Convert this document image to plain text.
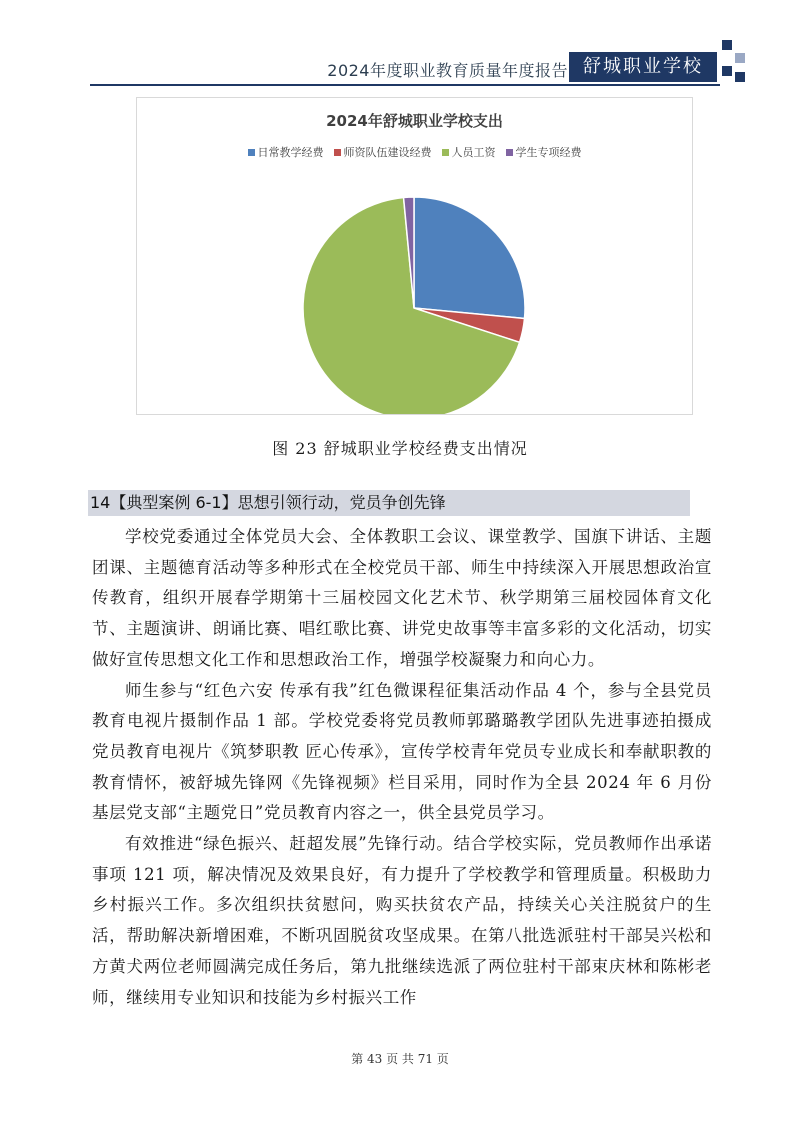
2024年度职业教育质量年度报告 舒城职业学校
2024年舒城职业学校支出
日常教学经费 师资队伍建设经费 人员工资 学生专项经费
图 23 舒城职业学校经费支出情况
14【典型案例 6-1】思想引领行动，党员争创先锋

学校党委通过全体党员大会、全体教职工会议、课堂教学、国旗下讲话、主题团课、主题德育活动等多种形式在全校党员干部、师生中持续深入开展思想政治宣传教育，组织开展春学期第十三届校园文化艺术节、秋学期第三届校园体育文化节、主题演讲、朗诵比赛、唱红歌比赛、讲党史故事等丰富多彩的文化活动，切实做好宣传思想文化工作和思想政治工作，增强学校凝聚力和向心力。

师生参与“红色六安 传承有我”红色微课程征集活动作品 4 个，参与全县党员教育电视片摄制作品 1 部。学校党委将党员教师郭璐璐教学团队先进事迹拍摄成党员教育电视片《筑梦职教 匠心传承》，宣传学校青年党员专业成长和奉献职教的教育情怀，被舒城先锋网《先锋视频》栏目采用，同时作为全县 2024 年 6 月份基层党支部“主题党日”党员教育内容之一，供全县党员学习。

有效推进“绿色振兴、赶超发展”先锋行动。结合学校实际，党员教师作出承诺事项 121 项，解决情况及效果良好，有力提升了学校教学和管理质量。积极助力乡村振兴工作。多次组织扶贫慰问，购买扶贫农产品，持续关心关注脱贫户的生活，帮助解决新增困难，不断巩固脱贫攻坚成果。在第八批选派驻村干部吴兴松和方黄犬两位老师圆满完成任务后，第九批继续选派了两位驻村干部束庆林和陈彬老师，继续用专业知识和技能为乡村振兴工作

第 43 页 共 71 页
